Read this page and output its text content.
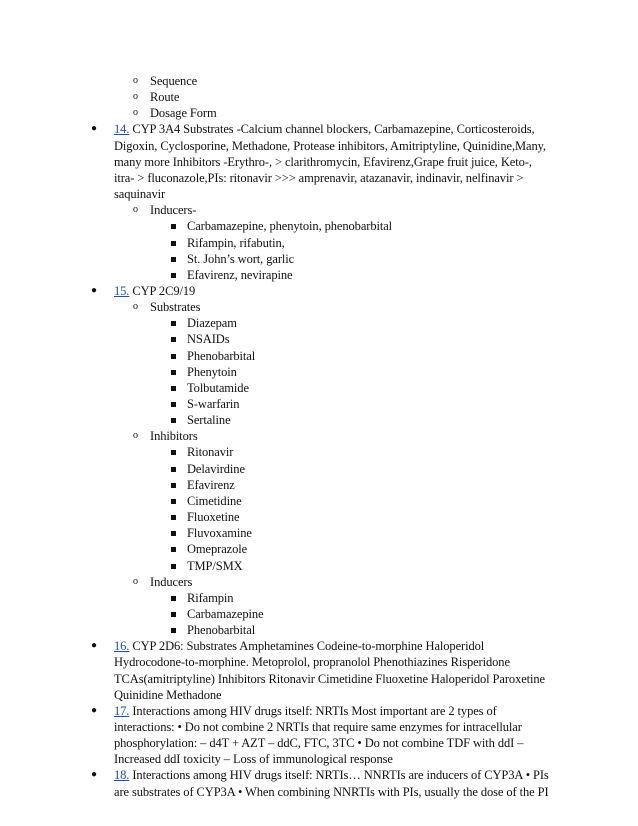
o Sequence
o Route
o Dosage Form
●	14. CYP 3A4 Substrates -Calcium channel blockers, Carbamazepine, Corticosteroids,
Digoxin, Cyclosporine, Methadone, Protease inhibitors, Amitriptyline, Quinidine,Many,
many more Inhibitors -Erythro-, > clarithromycin, Efavirenz,Grape fruit juice, Keto-,
itra- > fluconazole,PIs: ritonavir >>> amprenavir, atazanavir, indinavir, nelfinavir >
saquinavir
o Inducers-
Carbamazepine, phenytoin, phenobarbital
Rifampin, rifabutin,
St. John’s wort, garlic
Efavirenz, nevirapine
●	15. CYP 2C9/19
o Substrates
Diazepam
NSAIDs
Phenobarbital
Phenytoin
Tolbutamide
S-warfarin
Sertaline
o Inhibitors
Ritonavir
Delavirdine
Efavirenz
Cimetidine
Fluoxetine
Fluvoxamine
Omeprazole
TMP/SMX
o Inducers
Rifampin
Carbamazepine
Phenobarbital
●	16. CYP 2D6: Substrates Amphetamines Codeine-to-morphine Haloperidol
Hydrocodone-to-morphine. Metoprolol, propranolol Phenothiazines Risperidone
TCAs(amitriptyline) Inhibitors Ritonavir Cimetidine Fluoxetine Haloperidol Paroxetine
Quinidine Methadone
●	17. Interactions among HIV drugs itself: NRTIs Most important are 2 types of
interactions: • Do not combine 2 NRTIs that require same enzymes for intracellular
phosphorylation: – d4T + AZT – ddC, FTC, 3TC • Do not combine TDF with ddI –
Increased ddI toxicity – Loss of immunological response
●	18. Interactions among HIV drugs itself: NRTIs… NNRTIs are inducers of CYP3A • PIs
are substrates of CYP3A • When combining NNRTIs with PIs, usually the dose of the PI
